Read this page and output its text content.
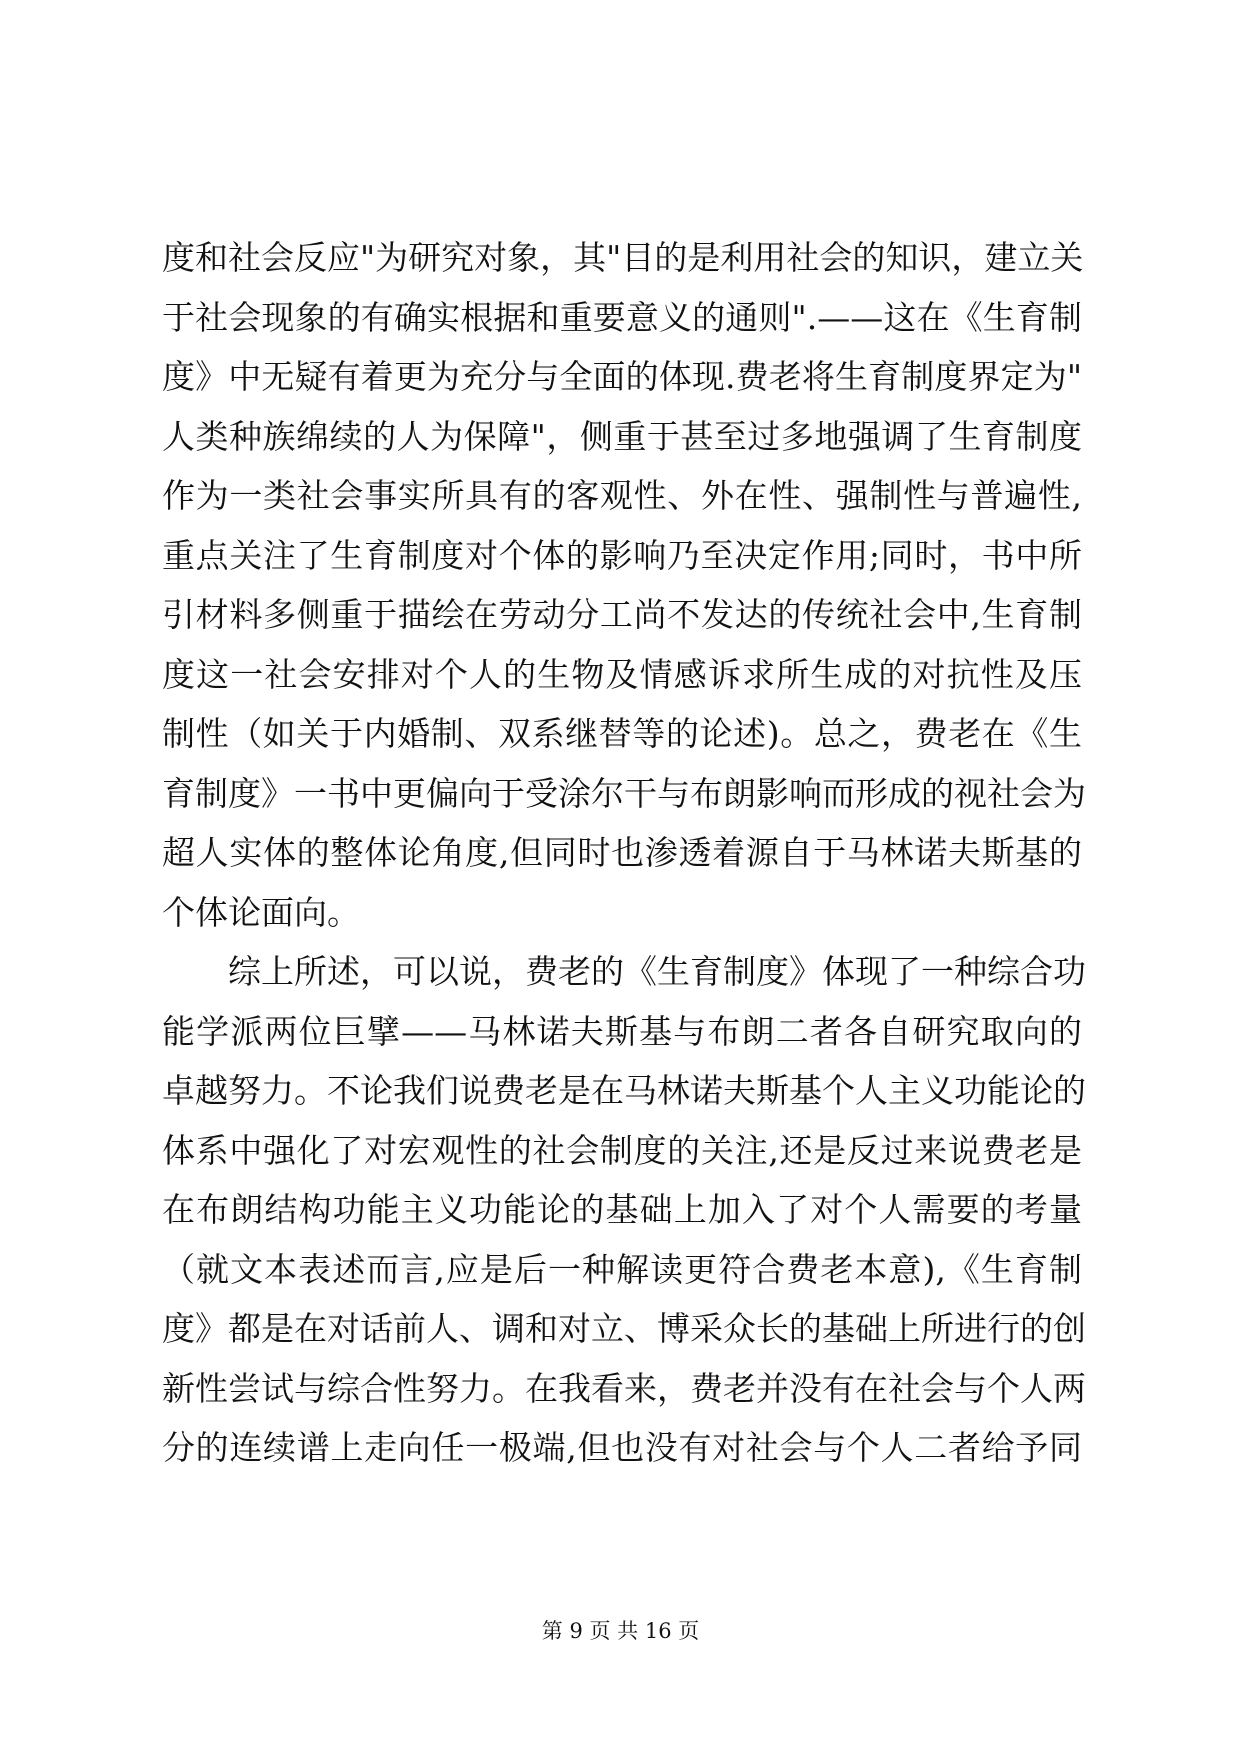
度和社会反应"为研究对象，其"目的是利用社会的知识，建立关
于社会现象的有确实根据和重要意义的通则".——这在《生育制
度》中无疑有着更为充分与全面的体现.费老将生育制度界定为"
人类种族绵续的人为保障"，侧重于甚至过多地强调了生育制度
作为一类社会事实所具有的客观性、外在性、强制性与普遍性,
重点关注了生育制度对个体的影响乃至决定作用;同时，书中所
引材料多侧重于描绘在劳动分工尚不发达的传统社会中,生育制
度这一社会安排对个人的生物及情感诉求所生成的对抗性及压
制性（如关于内婚制、双系继替等的论述)。总之，费老在《生
育制度》一书中更偏向于受涂尔干与布朗影响而形成的视社会为
超人实体的整体论角度,但同时也渗透着源自于马林诺夫斯基的
个体论面向。
综上所述，可以说，费老的《生育制度》体现了一种综合功
能学派两位巨擘——马林诺夫斯基与布朗二者各自研究取向的
卓越努力。不论我们说费老是在马林诺夫斯基个人主义功能论的
体系中强化了对宏观性的社会制度的关注,还是反过来说费老是
在布朗结构功能主义功能论的基础上加入了对个人需要的考量
（就文本表述而言,应是后一种解读更符合费老本意),《生育制
度》都是在对话前人、调和对立、博采众长的基础上所进行的创
新性尝试与综合性努力。在我看来，费老并没有在社会与个人两
分的连续谱上走向任一极端,但也没有对社会与个人二者给予同
第 9 页 共 16 页
